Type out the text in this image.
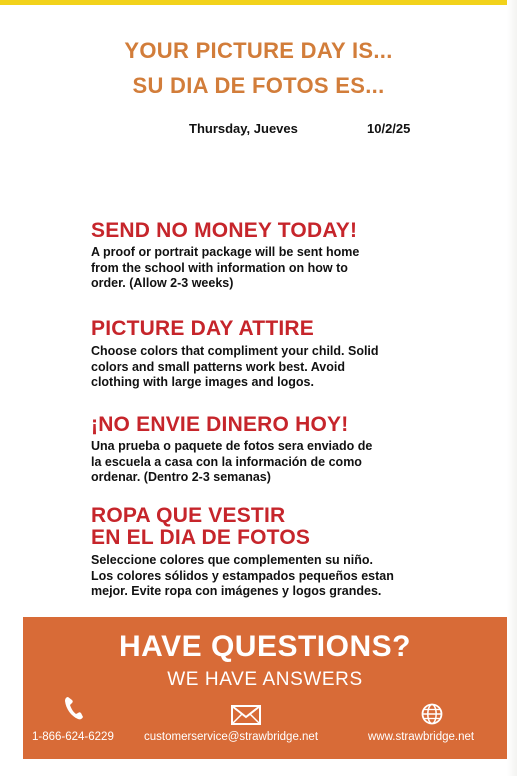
YOUR PICTURE DAY IS...
SU DIA DE FOTOS ES...
Thursday, Jueves	10/2/25
SEND NO MONEY TODAY!
A proof or portrait package will be sent home
from the school with information on how to
order. (Allow 2-3 weeks)
PICTURE DAY ATTIRE
Choose colors that compliment your child. Solid
colors and small patterns work best. Avoid
clothing with large images and logos.
¡NO ENVIE DINERO HOY!
Una prueba o paquete de fotos sera enviado de
la escuela a casa con la información de como
ordenar. (Dentro 2-3 semanas)
ROPA QUE VESTIR
EN EL DIA DE FOTOS
Seleccione colores que complementen su niño.
Los colores sólidos y estampados pequeños estan
mejor. Evite ropa con imágenes y logos grandes.
HAVE QUESTIONS?
WE HAVE ANSWERS
1-866-624-6229	customerservice@strawbridge.net	www.strawbridge.net
